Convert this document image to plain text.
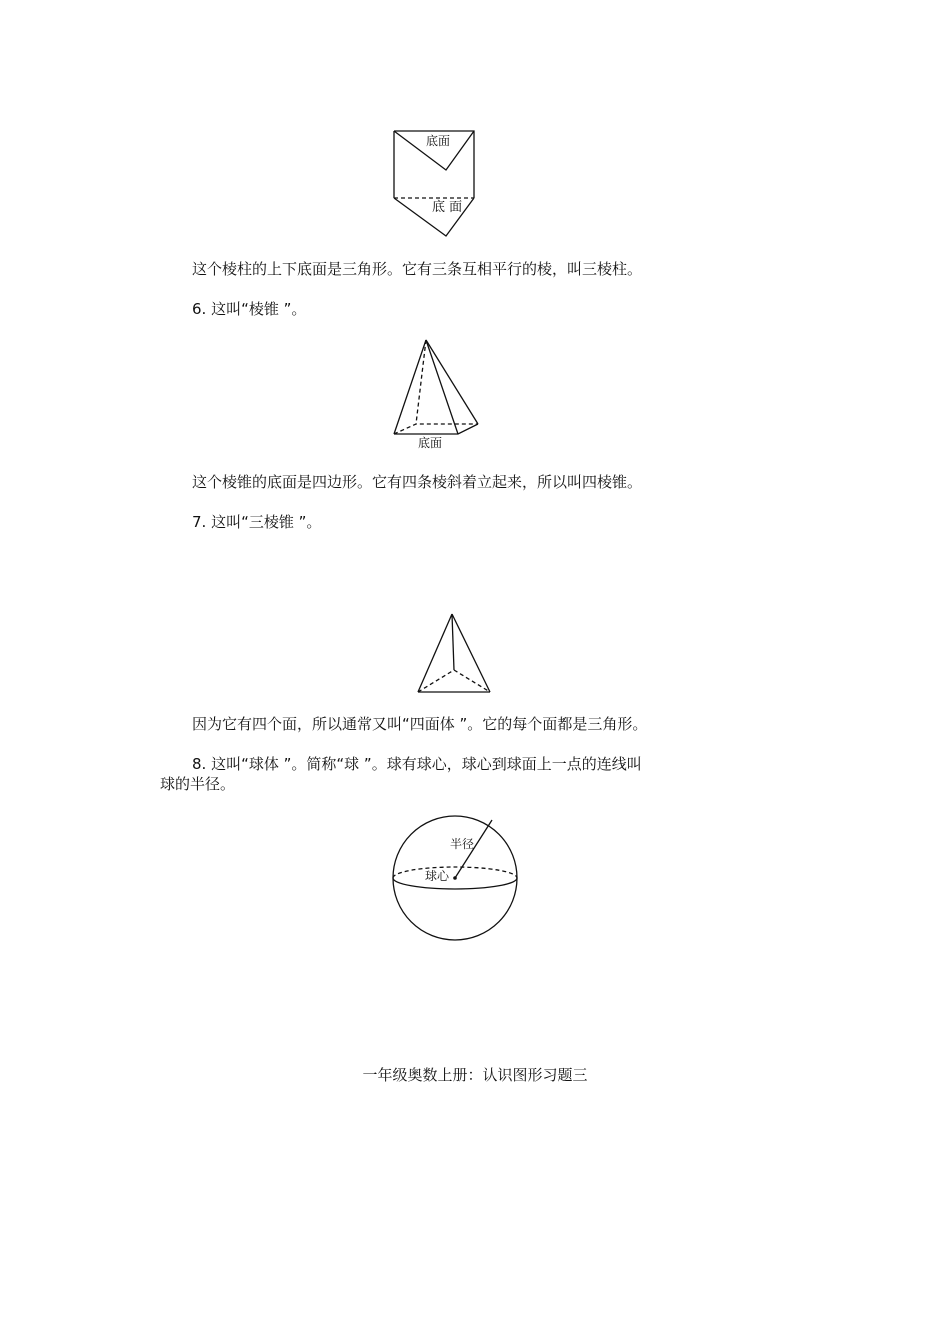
底面
底 面
这个棱柱的上下底面是三角形。它有三条互相平行的棱，叫三棱柱。
6. 这叫“棱锥 ”。
底面
这个棱锥的底面是四边形。它有四条棱斜着立起来，所以叫四棱锥。
7. 这叫“三棱锥 ”。
因为它有四个面，所以通常又叫“四面体 ”。它的每个面都是三角形。
8. 这叫“球体 ”。简称“球 ”。球有球心，球心到球面上一点的连线叫
球的半径。
半径
球心
一年级奥数上册：认识图形习题三
